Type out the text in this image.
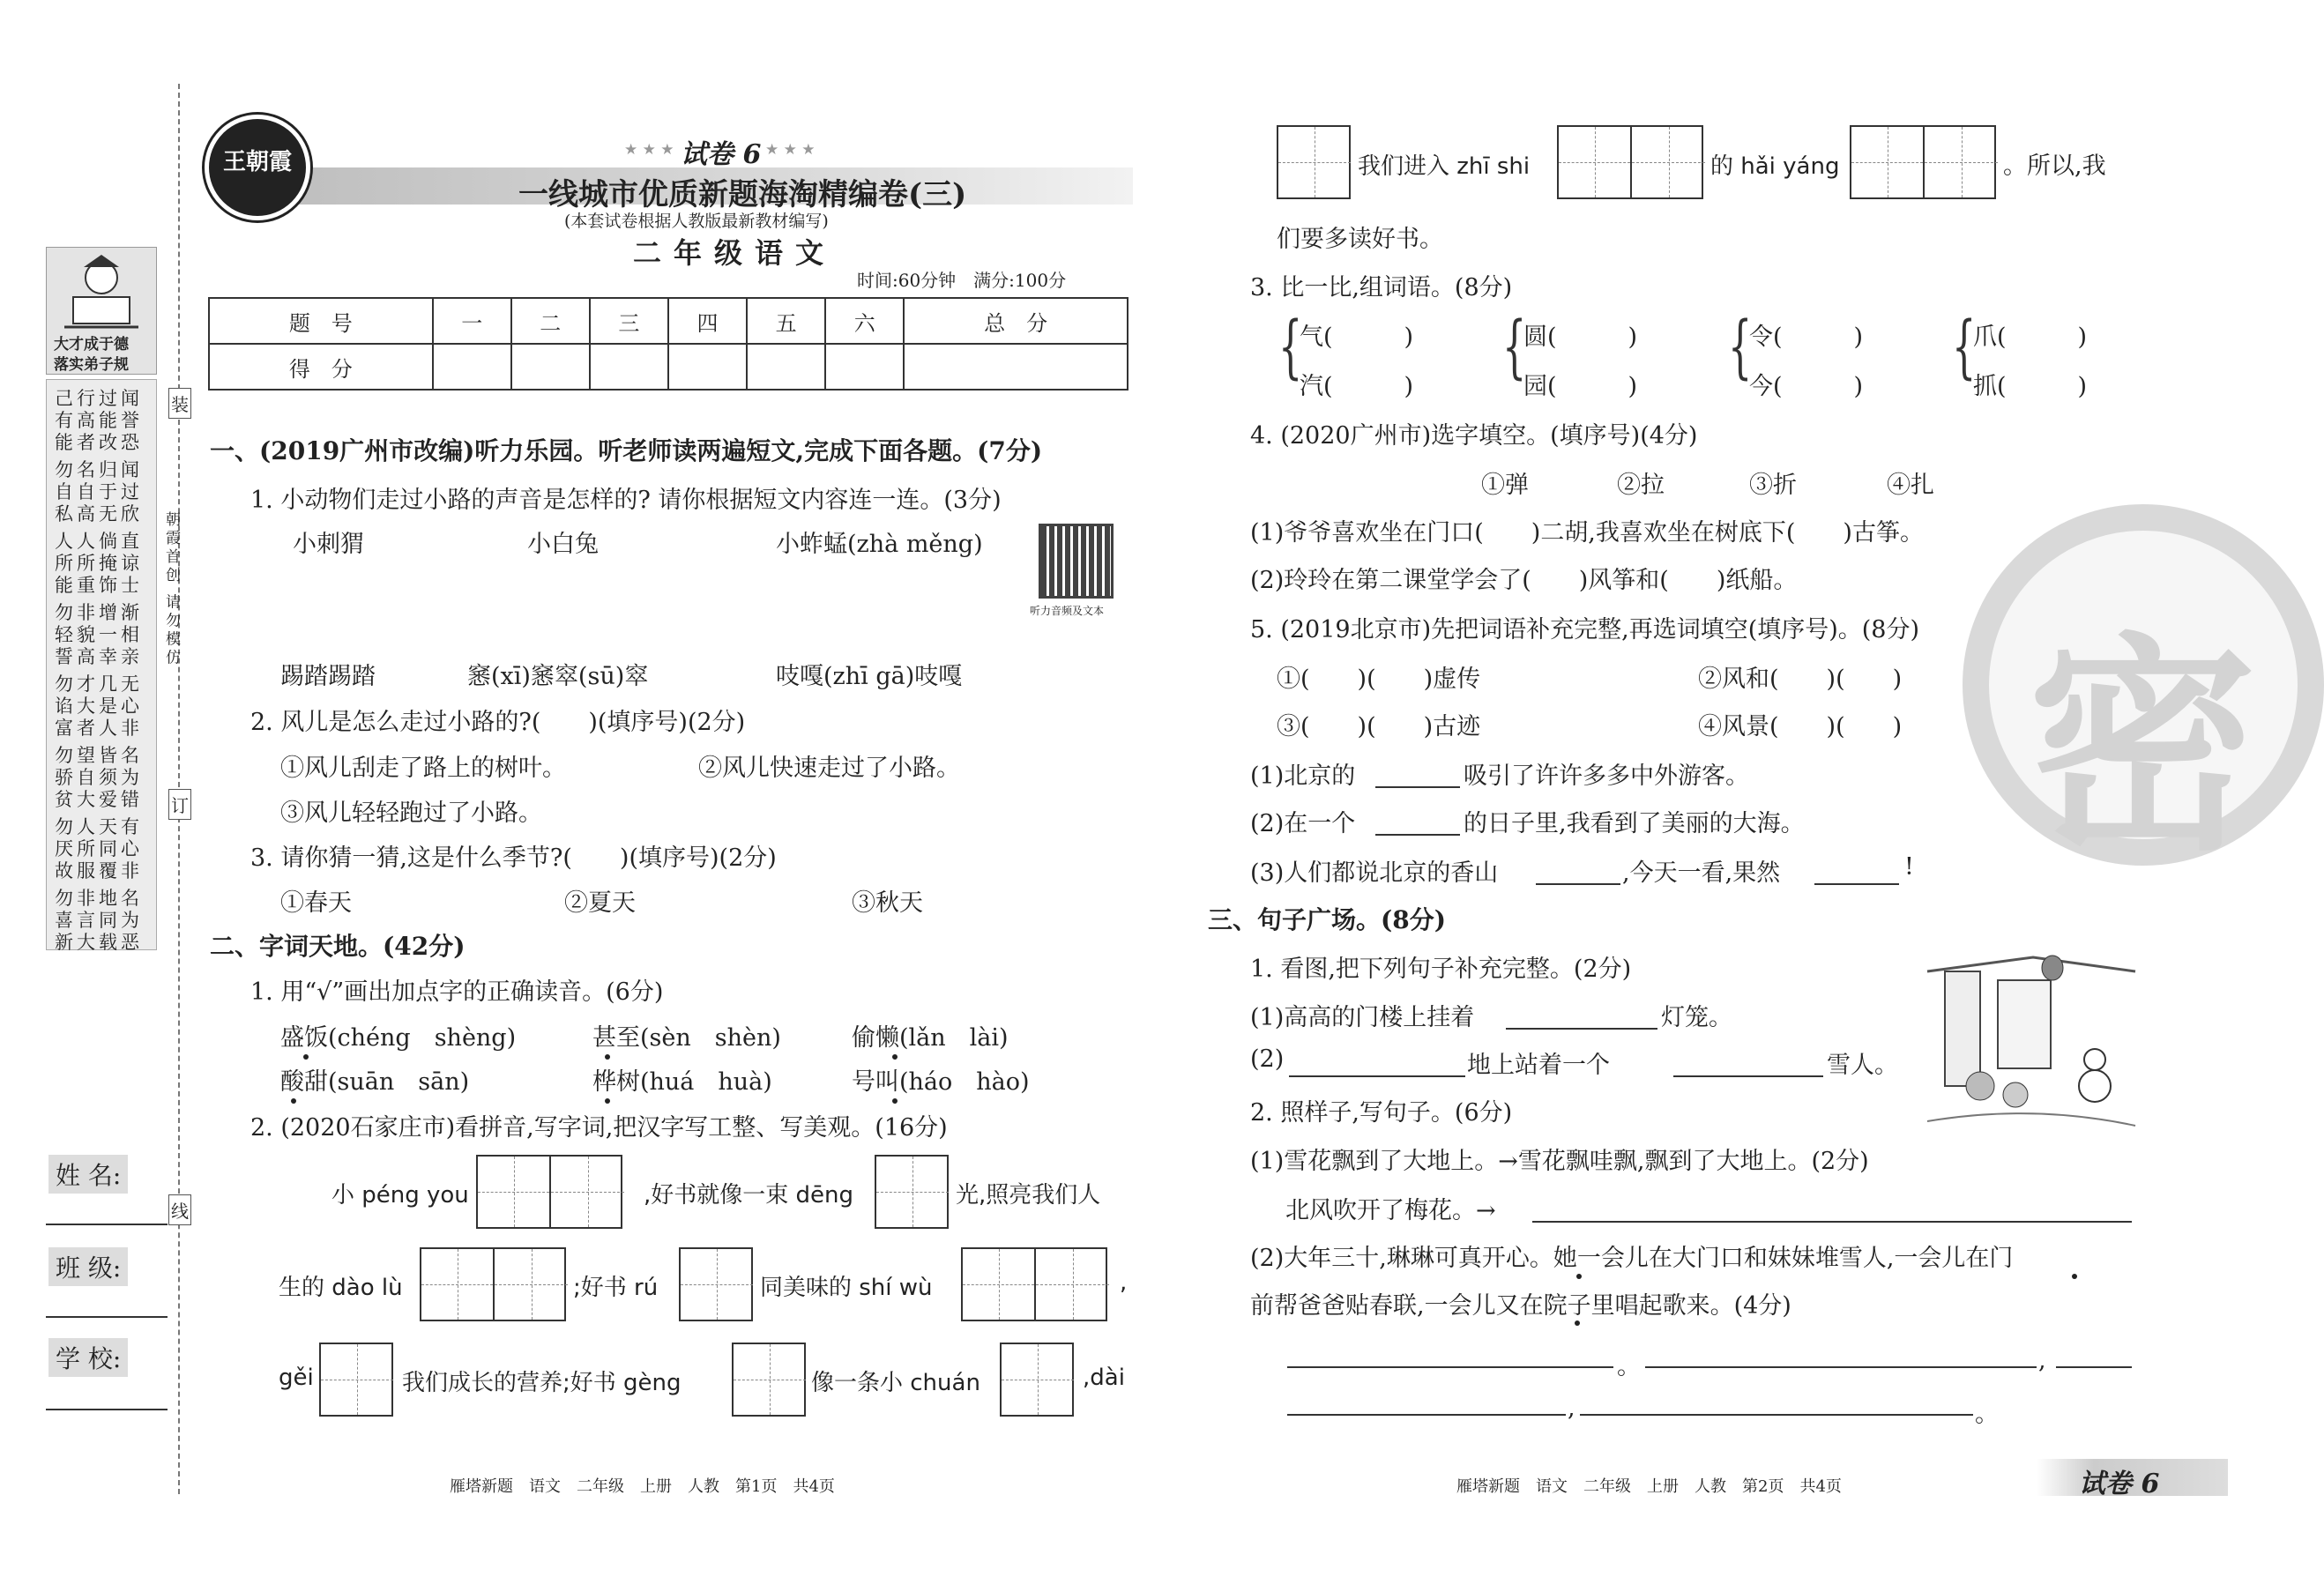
大才成于德
落实弟子规
己行过闻
有高能誉
能者改恐
勿名归闻
自自于过
私高无欣
人人倘直
所所掩谅
能重饰士
勿非增渐
轻貌一相
誓高幸亲
勿才几无
谄大是心
富者人非
勿望皆名
骄自须为
贫大爱错
勿人天有
厌所同心
故服覆非
勿非地名
喜言同为
新大载恶
装
订
线
朝霞首创 请勿模仿
姓 名:
班 级:
学 校:
王朝霞	★ ★ ★ 试卷 6 ★ ★ ★
一线城市优质新题海淘精编卷(三)
(本套试卷根据人教版最新教材编写)
二年级语文
时间:60分钟　满分:100分
题　号	一	二	三	四	五	六	总　分
得　分							
一、(2019广州市改编)听力乐园。听老师读两遍短文,完成下面各题。(7分)
1. 小动物们走过小路的声音是怎样的? 请你根据短文内容连一连。(3分)
小刺猬	小白兔	小蚱蜢(zhà měng)
听力音频及文本
踢踏踢踏	窸(xī)窸窣(sū)窣	吱嘎(zhī gā)吱嘎
2. 风儿是怎么走过小路的?(　　)(填序号)(2分)
①风儿刮走了路上的树叶。	②风儿快速走过了小路。
③风儿轻轻跑过了小路。
3. 请你猜一猜,这是什么季节?(　　)(填序号)(2分)
①春天	②夏天	③秋天
二、字词天地。(42分)
1. 用“√”画出加点字的正确读音。(6分)
盛饭(chéng　shèng)	甚至(sèn　shèn)	偷懒(lǎn　lài)
酸甜(suān　sān)	桦树(huá　huà)	号叫(háo　hào)
2. (2020石家庄市)看拼音,写字词,把汉字写工整、写美观。(16分)
小 péng you	,好书就像一束 dēng	光,照亮我们人
生的 dào lù	;好书 rú	同美味的 shí wù	,
gěi	我们成长的营养;好书 gèng	像一条小 chuán	,dài
雁塔新题　语文　二年级　上册　人教　第1页　共4页
我们进入 zhī shi	的 hǎi yáng	。所以,我
们要多读好书。
3. 比一比,组词语。(8分)
{
气(　　　)
汽(　　　) {
圆(　　　)
园(　　　) {
令(　　　)
今(　　　) {
爪(　　　)
抓(　　　)
4. (2020广州市)选字填空。(填序号)(4分)
①弹	②拉	③折	④扎
(1)爷爷喜欢坐在门口(　　)二胡,我喜欢坐在树底下(　　)古筝。
(2)玲玲在第二课堂学会了(　　)风筝和(　　)纸船。
密
5. (2019北京市)先把词语补充完整,再选词填空(填序号)。(8分)
①(　　)(　　)虚传	②风和(　　)(　　)
③(　　)(　　)古迹	④风景(　　)(　　)
(1)北京的	吸引了许许多多中外游客。
(2)在一个	的日子里,我看到了美丽的大海。
(3)人们都说北京的香山	,今天一看,果然	!
三、句子广场。(8分)
1. 看图,把下列句子补充完整。(2分)
(1)高高的门楼上挂着	灯笼。
(2)	地上站着一个	雪人。
2. 照样子,写句子。(6分)
(1)雪花飘到了大地上。→雪花飘哇飘,飘到了大地上。(2分)
北风吹开了梅花。→
(2)大年三十,琳琳可真开心。她一会儿在大门口和妹妹堆雪人,一会儿在门
前帮爸爸贴春联,一会儿又在院子里唱起歌来。(4分)
。	,
,	。
雁塔新题　语文　二年级　上册　人教　第2页　共4页	试卷 6
